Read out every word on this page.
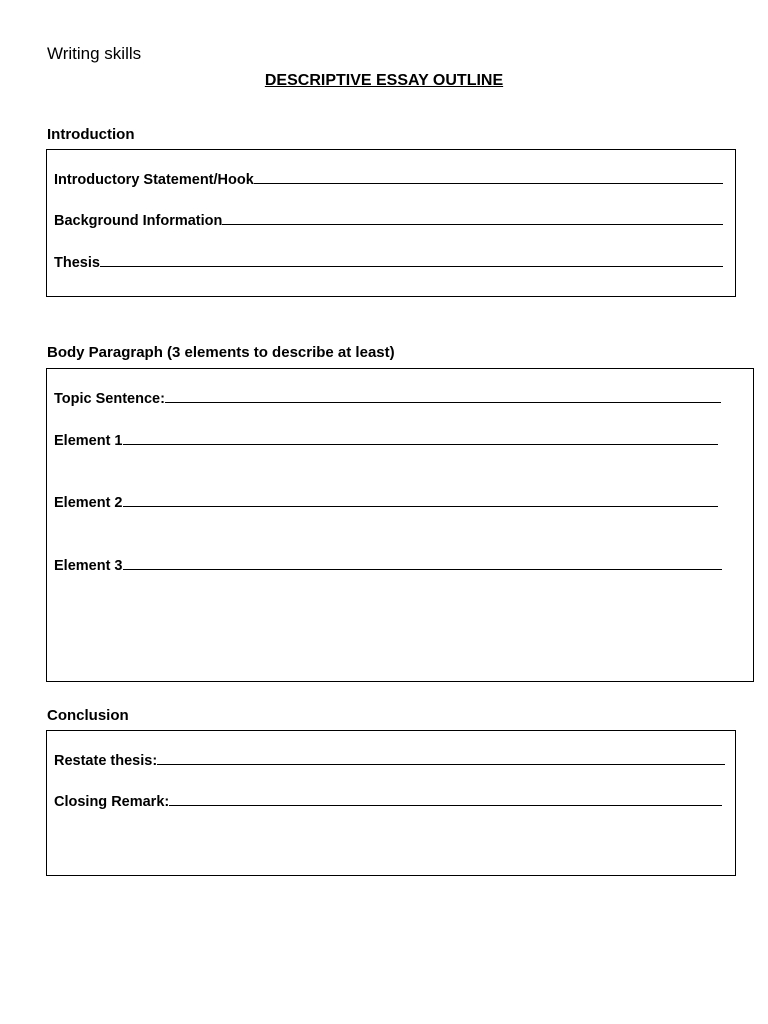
Writing skills
DESCRIPTIVE ESSAY OUTLINE
Introduction
Introductory Statement/Hook
Background Information
Thesis
Body Paragraph (3 elements to describe at least)
Topic Sentence:
Element 1
Element 2
Element 3
Conclusion
Restate thesis:
Closing Remark:
